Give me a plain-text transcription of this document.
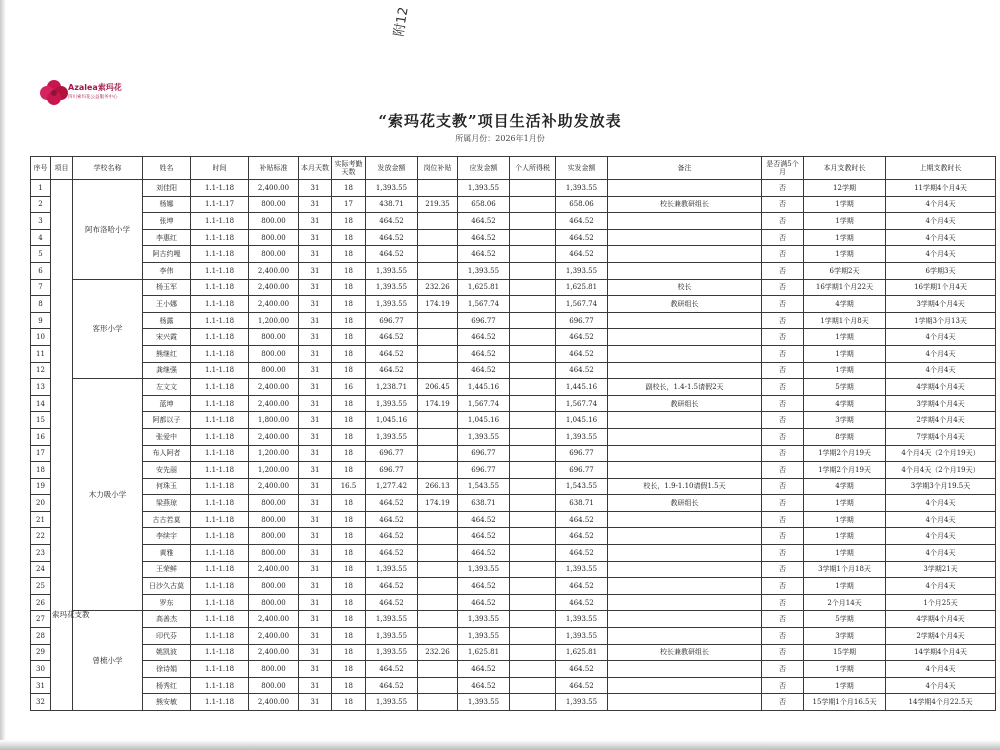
附12
Azalea索玛花
四川索玛花公益服务中心
“索玛花支教”项目生活补助发放表
所属月份：2026年1月份
序号	项目	学校名称	姓名	时间	补贴标准	本月天数	实际考勤天数	发放金额	岗位补贴	应发金额	个人所得税	实发金额	备注	是否满5个月	本月支教时长	上期支教时长
1	索玛花支教	阿布洛哈小学	刘佳阳	1.1-1.18	2,400.00	31	18	1,393.55		1,393.55		1,393.55		否	12学期	11学期4个月4天
2			杨娜	1.1-1.17	800.00	31	17	438.71	219.35	658.06		658.06	校长兼教研组长	否	1学期	4个月4天
3			张坤	1.1-1.18	800.00	31	18	464.52		464.52		464.52		否	1学期	4个月4天
4			李惠红	1.1-1.18	800.00	31	18	464.52		464.52		464.52		否	1学期	4个月4天
5			阿古约嘎	1.1-1.18	800.00	31	18	464.52		464.52		464.52		否	1学期	4个月4天
6			李伟	1.1-1.18	2,400.00	31	18	1,393.55		1,393.55		1,393.55		否	6学期2天	6学期3天
7		客形小学	杨玉军	1.1-1.18	2,400.00	31	18	1,393.55	232.26	1,625.81		1,625.81	校长	否	16学期1个月22天	16学期1个月4天
8			王小娜	1.1-1.18	2,400.00	31	18	1,393.55	174.19	1,567.74		1,567.74	教研组长	否	4学期	3学期4个月4天
9			杨露	1.1-1.18	1,200.00	31	18	696.77		696.77		696.77		否	1学期1个月8天	1学期3个月13天
10			宋兴霞	1.1-1.18	800.00	31	18	464.52		464.52		464.52		否	1学期	4个月4天
11			熊继红	1.1-1.18	800.00	31	18	464.52		464.52		464.52		否	1学期	4个月4天
12			龚继强	1.1-1.18	800.00	31	18	464.52		464.52		464.52		否	1学期	4个月4天
13		木力吸小学	左文文	1.1-1.18	2,400.00	31	16	1,238.71	206.45	1,445.16		1,445.16	副校长，1.4-1.5请假2天	否	5学期	4学期4个月4天
14			蓝坤	1.1-1.18	2,400.00	31	18	1,393.55	174.19	1,567.74		1,567.74	教研组长	否	4学期	3学期4个月4天
15			阿都以子	1.1-1.18	1,800.00	31	18	1,045.16		1,045.16		1,045.16		否	3学期	2学期4个月4天
16			张爱中	1.1-1.18	2,400.00	31	18	1,393.55		1,393.55		1,393.55		否	8学期	7学期4个月4天
17			布人阿者	1.1-1.18	1,200.00	31	18	696.77		696.77		696.77		否	1学期2个月19天	4个月4天（2个月19天）
18			安先丽	1.1-1.18	1,200.00	31	18	696.77		696.77		696.77		否	1学期2个月19天	4个月4天（2个月19天）
19			何珠玉	1.1-1.18	2,400.00	31	16.5	1,277.42	266.13	1,543.55		1,543.55	校长，1.9-1.10请假1.5天	否	4学期	3学期3个月19.5天
20			梁燕琼	1.1-1.18	800.00	31	18	464.52	174.19	638.71		638.71	教研组长	否	1学期	4个月4天
21			古古若莫	1.1-1.18	800.00	31	18	464.52		464.52		464.52		否	1学期	4个月4天
22			李续宇	1.1-1.18	800.00	31	18	464.52		464.52		464.52		否	1学期	4个月4天
23			黄雅	1.1-1.18	800.00	31	18	464.52		464.52		464.52		否	1学期	4个月4天
24			王荣鲜	1.1-1.18	2,400.00	31	18	1,393.55		1,393.55		1,393.55		否	3学期1个月18天	3学期21天
25			日沙久古莫	1.1-1.18	800.00	31	18	464.52		464.52		464.52		否	1学期	4个月4天
26			罗东	1.1-1.18	800.00	31	18	464.52		464.52		464.52		否	2个月14天	1个月25天
27		曾梳小学	高善杰	1.1-1.18	2,400.00	31	18	1,393.55		1,393.55		1,393.55		否	5学期	4学期4个月4天
28			印代芬	1.1-1.18	2,400.00	31	18	1,393.55		1,393.55		1,393.55		否	3学期	2学期4个月4天
29			姚凯波	1.1-1.18	2,400.00	31	18	1,393.55	232.26	1,625.81		1,625.81	校长兼教研组长	否	15学期	14学期4个月4天
30			徐诗娟	1.1-1.18	800.00	31	18	464.52		464.52		464.52		否	1学期	4个月4天
31			杨秀红	1.1-1.18	800.00	31	18	464.52		464.52		464.52		否	1学期	4个月4天
32			熊安敏	1.1-1.18	2,400.00	31	18	1,393.55		1,393.55		1,393.55		否	15学期1个月16.5天	14学期4个月22.5天
